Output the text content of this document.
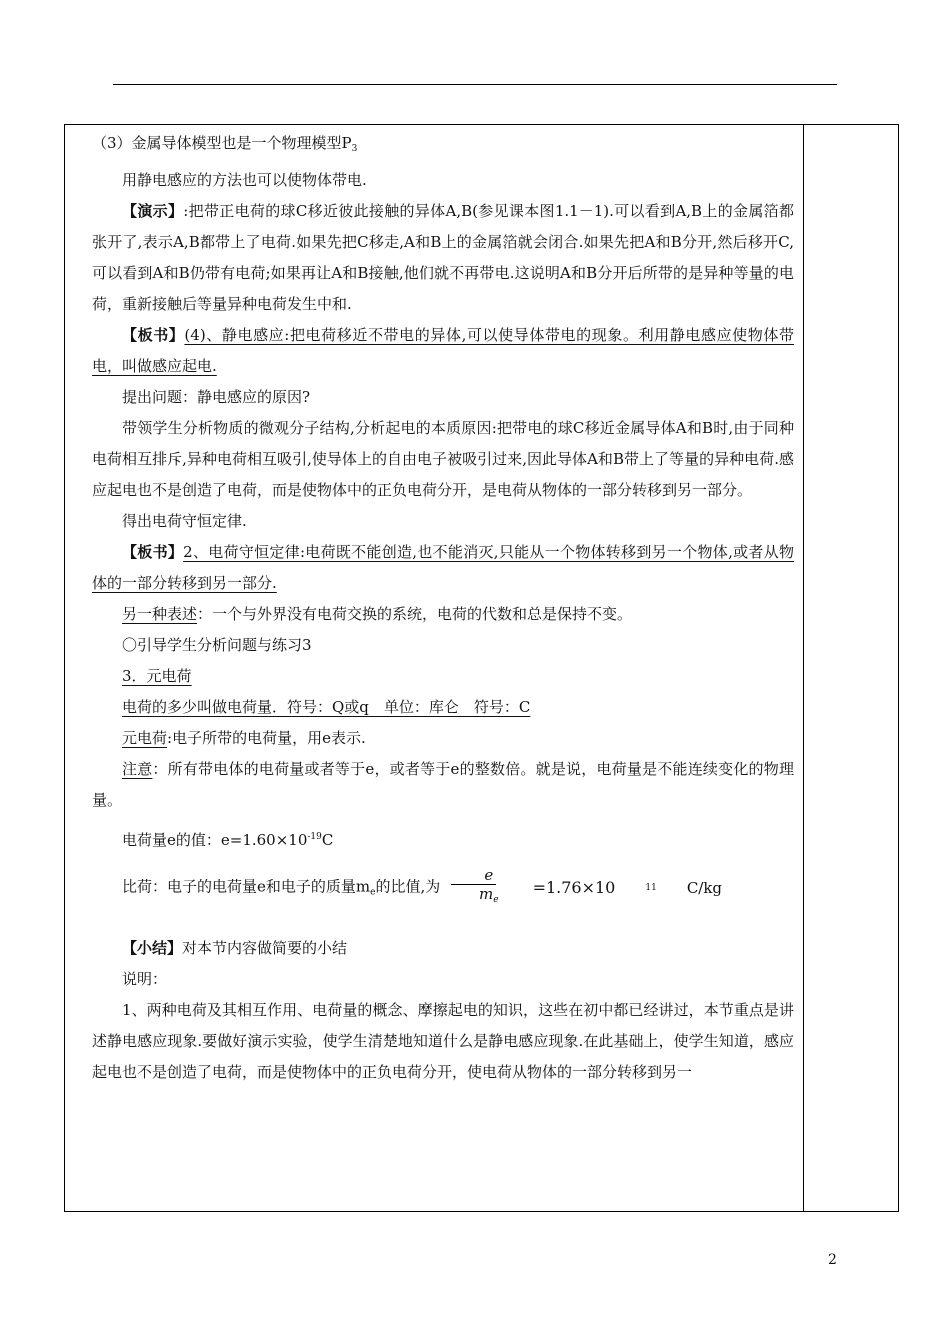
（3）金属导体模型也是一个物理模型$P_3$

用静电感应的方法也可以使物体带电.

【演示】:把带正电荷的球C移近彼此接触的异体A,B(参见课本图1.1－1).可以看到A,B上的金属箔都张开了,表示A,B都带上了电荷.如果先把C移走,A和B上的金属箔就会闭合.如果先把A和B分开,然后移开C,可以看到A和B仍带有电荷;如果再让A和B接触,他们就不再带电.这说明A和B分开后所带的是异种等量的电荷，重新接触后等量异种电荷发生中和.

【板书】(4)、静电感应:把电荷移近不带电的异体,可以使导体带电的现象。利用静电感应使物体带电，叫做感应起电.

提出问题：静电感应的原因?

带领学生分析物质的微观分子结构,分析起电的本质原因:把带电的球C移近金属导体A和B时,由于同种电荷相互排斥,异种电荷相互吸引,使导体上的自由电子被吸引过来,因此导体A和B带上了等量的异种电荷.感应起电也不是创造了电荷，而是使物体中的正负电荷分开，是电荷从物体的一部分转移到另一部分。

得出电荷守恒定律.

【板书】2、电荷守恒定律:电荷既不能创造,也不能消灭,只能从一个物体转移到另一个物体,或者从物体的一部分转移到另一部分.

另一种表述：一个与外界没有电荷交换的系统，电荷的代数和总是保持不变。

〇引导学生分析问题与练习3

3．元电荷

电荷的多少叫做电荷量．符号：Q或q　单位：库仑　符号：C

元电荷:电子所带的电荷量，用e表示.

注意：所有带电体的电荷量或者等于e，或者等于e的整数倍。就是说，电荷量是不能连续变化的物理量。

电荷量e的值：$e=1.60\times 10^{-19}C$

比荷：电子的电荷量e和电子的质量$m_e$的比值,为 $\frac{e}{m_e}$	=1.76×10	11	C/kg

【小结】对本节内容做简要的小结

说明：

1、两种电荷及其相互作用、电荷量的概念、摩擦起电的知识，这些在初中都已经讲过，本节重点是讲述静电感应现象.要做好演示实验，使学生清楚地知道什么是静电感应现象.在此基础上，使学生知道，感应起电也不是创造了电荷，而是使物体中的正负电荷分开，使电荷从物体的一部分转移到另一

2
